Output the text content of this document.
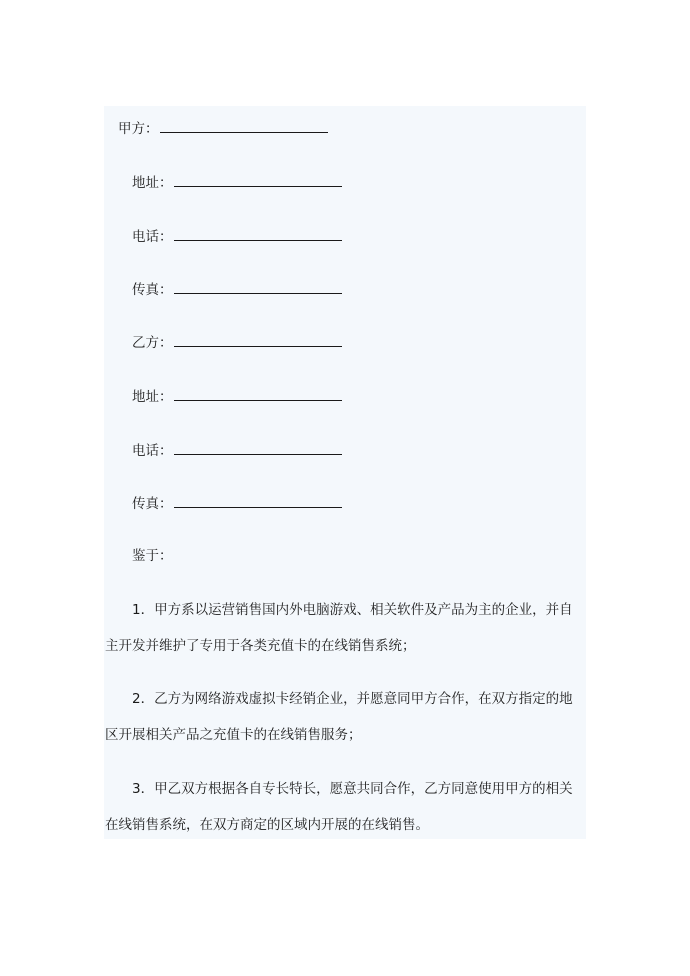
甲方：
地址：
电话：
传真：
乙方：
地址：
电话：
传真：
鉴于：
1．甲方系以运营销售国内外电脑游戏、相关软件及产品为主的企业，并自
主开发并维护了专用于各类充值卡的在线销售系统；
2．乙方为网络游戏虚拟卡经销企业，并愿意同甲方合作，在双方指定的地
区开展相关产品之充值卡的在线销售服务；
3．甲乙双方根据各自专长特长，愿意共同合作，乙方同意使用甲方的相关
在线销售系统，在双方商定的区域内开展的在线销售。
